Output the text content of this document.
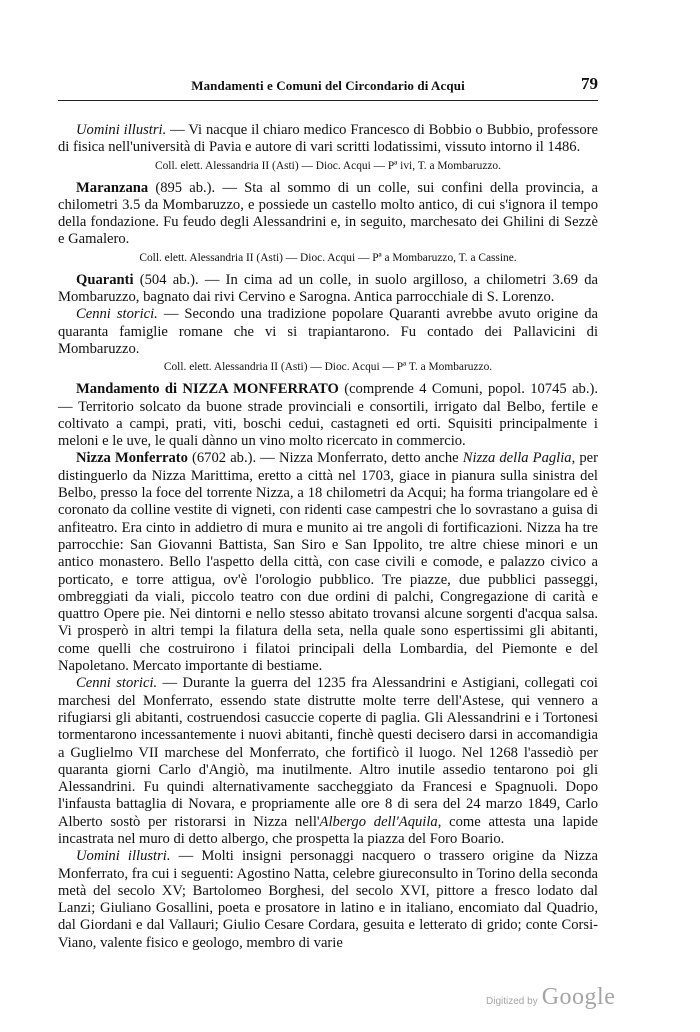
Mandamenti e Comuni del Circondario di Acqui	79

Uomini illustri. — Vi nacque il chiaro medico Francesco di Bobbio o Bubbio, professore di fisica nell'università di Pavia e autore di vari scritti lodatissimi, vissuto intorno il 1486.

Coll. elett. Alessandria II (Asti) — Dioc. Acqui — Pª ivi, T. a Mombaruzzo.

Maranzana (895 ab.). — Sta al sommo di un colle, sui confini della provincia, a chilometri 3.5 da Mombaruzzo, e possiede un castello molto antico, di cui s'ignora il tempo della fondazione. Fu feudo degli Alessandrini e, in seguito, marchesato dei Ghilini di Sezzè e Gamalero.

Coll. elett. Alessandria II (Asti) — Dioc. Acqui — Pª a Mombaruzzo, T. a Cassine.

Quaranti (504 ab.). — In cima ad un colle, in suolo argilloso, a chilometri 3.69 da Mombaruzzo, bagnato dai rivi Cervino e Sarogna. Antica parrocchiale di S. Lorenzo.

Cenni storici. — Secondo una tradizione popolare Quaranti avrebbe avuto origine da quaranta famiglie romane che vi si trapiantarono. Fu contado dei Pallavicini di Mombaruzzo.

Coll. elett. Alessandria II (Asti) — Dioc. Acqui — Pª T. a Mombaruzzo.

Mandamento di NIZZA MONFERRATO (comprende 4 Comuni, popol. 10745 ab.). — Territorio solcato da buone strade provinciali e consortili, irrigato dal Belbo, fertile e coltivato a campi, prati, viti, boschi cedui, castagneti ed orti. Squisiti principalmente i meloni e le uve, le quali dànno un vino molto ricercato in commercio.

Nizza Monferrato (6702 ab.). — Nizza Monferrato, detto anche Nizza della Paglia, per distinguerlo da Nizza Marittima, eretto a città nel 1703, giace in pianura sulla sinistra del Belbo, presso la foce del torrente Nizza, a 18 chilometri da Acqui; ha forma triangolare ed è coronato da colline vestite di vigneti, con ridenti case campestri che lo sovrastano a guisa di anfiteatro. Era cinto in addietro di mura e munito ai tre angoli di fortificazioni. Nizza ha tre parrocchie: San Giovanni Battista, San Siro e San Ippolito, tre altre chiese minori e un antico monastero. Bello l'aspetto della città, con case civili e comode, e palazzo civico a porticato, e torre attigua, ov'è l'orologio pubblico. Tre piazze, due pubblici passeggi, ombreggiati da viali, piccolo teatro con due ordini di palchi, Congregazione di carità e quattro Opere pie. Nei dintorni e nello stesso abitato trovansi alcune sorgenti d'acqua salsa. Vi prosperò in altri tempi la filatura della seta, nella quale sono espertissimi gli abitanti, come quelli che costruirono i filatoi principali della Lombardia, del Piemonte e del Napoletano. Mercato importante di bestiame.

Cenni storici. — Durante la guerra del 1235 fra Alessandrini e Astigiani, collegati coi marchesi del Monferrato, essendo state distrutte molte terre dell'Astese, qui vennero a rifugiarsi gli abitanti, costruendosi casuccie coperte di paglia. Gli Alessandrini e i Tortonesi tormentarono incessantemente i nuovi abitanti, finchè questi decisero darsi in accomandigia a Guglielmo VII marchese del Monferrato, che fortificò il luogo. Nel 1268 l'assediò per quaranta giorni Carlo d'Angiò, ma inutilmente. Altro inutile assedio tentarono poi gli Alessandrini. Fu quindi alternativamente saccheggiato da Francesi e Spagnuoli. Dopo l'infausta battaglia di Novara, e propriamente alle ore 8 di sera del 24 marzo 1849, Carlo Alberto sostò per ristorarsi in Nizza nell'Albergo dell'Aquila, come attesta una lapide incastrata nel muro di detto albergo, che prospetta la piazza del Foro Boario.

Uomini illustri. — Molti insigni personaggi nacquero o trassero origine da Nizza Monferrato, fra cui i seguenti: Agostino Natta, celebre giureconsulto in Torino della seconda metà del secolo XV; Bartolomeo Borghesi, del secolo XVI, pittore a fresco lodato dal Lanzi; Giuliano Gosallini, poeta e prosatore in latino e in italiano, encomiato dal Quadrio, dal Giordani e dal Vallauri; Giulio Cesare Cordara, gesuita e letterato di grido; conte Corsi-Viano, valente fisico e geologo, membro di varie

Digitized by Google
